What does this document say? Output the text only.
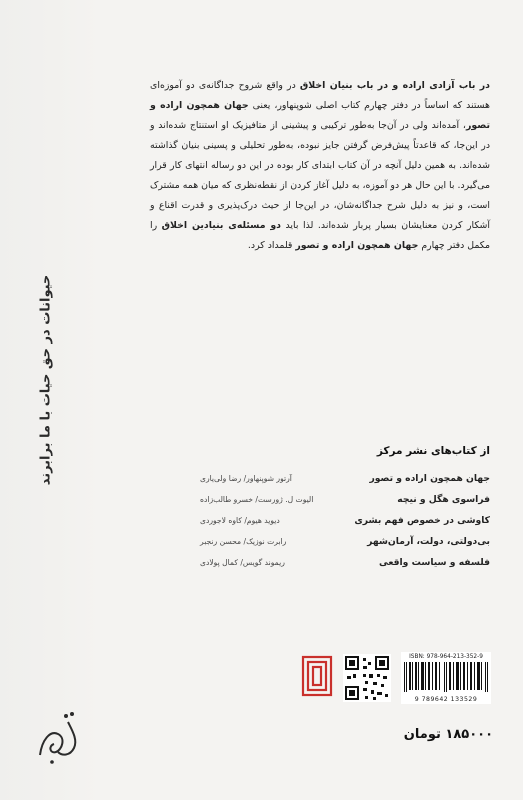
حیوانات در حق حیات با ما برابرند
در باب آزادی اراده و در باب بنیان اخلاق در واقع شروح جداگانه‌ی دو آموزه‌ای هستند که اساساً در دفتر چهارم کتاب اصلی شوپنهاور، یعنی جهان همچون اراده و تصور، آمده‌اند ولی در آن‌جا به‌طور ترکیبی و پیشینی از متافیزیک او استنتاج شده‌اند و در این‌جا، که قاعدتاً پیش‌فرض گرفتن جایز نبوده، به‌طور تحلیلی و پسینی بنیان گذاشته شده‌اند. به همین دلیل آنچه در آن کتاب ابتدای کار بوده در این دو رساله انتهای کار قرار می‌گیرد. با این حال هر دو آموزه، به دلیل آغاز کردن از نقطه‌نظری که میان همه مشترک است، و نیز به دلیل شرح جداگانه‌شان، در این‌جا از حیث درک‌پذیری و قدرت اقناع و آشکار کردن معنایشان بسیار پربار شده‌اند. لذا باید دو مسئله‌ی بنیادین اخلاق را مکمل دفتر چهارم جهان همچون اراده و تصور قلمداد کرد.
از کتاب‌های نشر مرکز
جهان همچون اراده و تصور
آرتور شوپنهاور/ رضا ولی‌یاری
فراسوی هگل و نیچه
الیوت ل. ژورست/ خسرو طالب‌زاده
کاوشی در خصوص فهم بشری
دیوید هیوم/ کاوه لاجوردی
بی‌دولتی، دولت، آرمان‌شهر
رابرت نوزیک/ محسن رنجبر
فلسفه و سیاست واقعی
ریموند گویس/ کمال پولادی
ISBN: 978-964-213-352-9
9 789642 133529
۱۸۵۰۰۰ تومان
